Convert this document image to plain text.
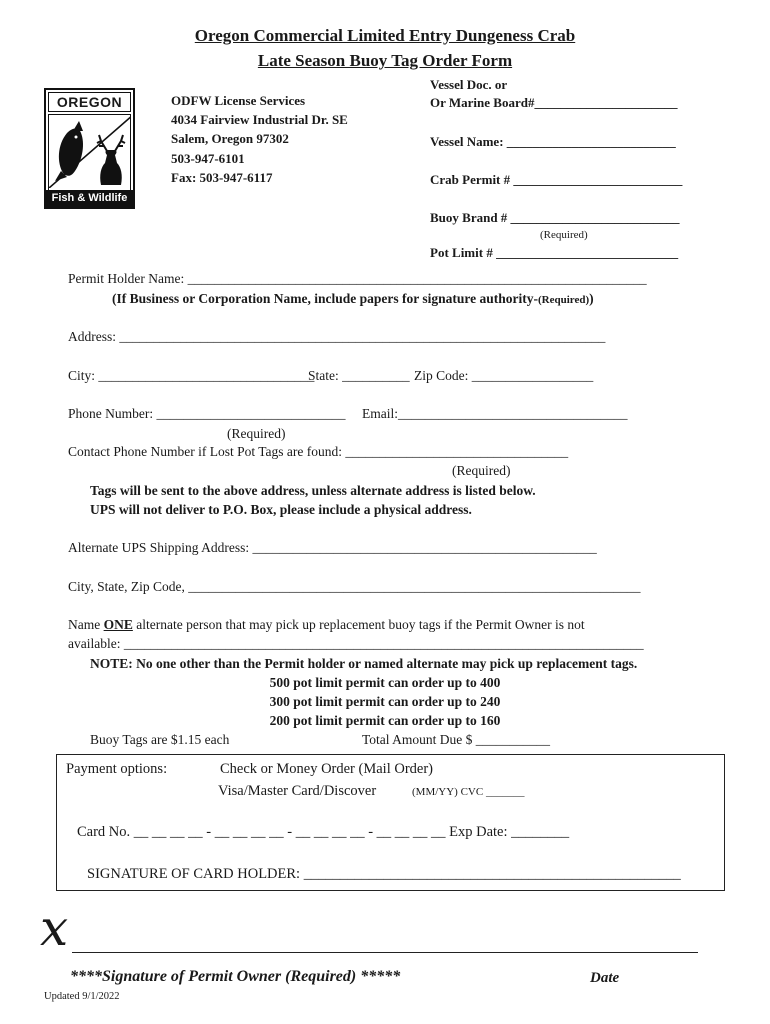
Oregon Commercial Limited Entry Dungeness Crab
Late Season Buoy Tag Order Form
OREGON
Fish & Wildlife
ODFW License Services
4034 Fairview Industrial Dr. SE
Salem, Oregon 97302
503-947-6101
Fax: 503-947-6117
Vessel Doc. or
Or Marine Board#______________________
Vessel Name: __________________________
Crab Permit # __________________________
Buoy Brand # __________________________
(Required)
Pot Limit # ____________________________
Permit Holder Name: ____________________________________________________________________
(If Business or Corporation Name, include papers for signature authority-(Required))
Address: ________________________________________________________________________
City: ________________________________
State: __________ Zip Code: __________________
Phone Number: ____________________________ Email:__________________________________
(Required)
Contact Phone Number if Lost Pot Tags are found: _________________________________
(Required)
Tags will be sent to the above address, unless alternate address is listed below.
UPS will not deliver to P.O. Box, please include a physical address.
Alternate UPS Shipping Address: ___________________________________________________
City, State, Zip Code, ___________________________________________________________________
Name ONE alternate person that may pick up replacement buoy tags if the Permit Owner is not
available: _____________________________________________________________________________
NOTE: No one other than the Permit holder or named alternate may pick up replacement tags.
500 pot limit permit can order up to 400
300 pot limit permit can order up to 240
200 pot limit permit can order up to 160
Buoy Tags are $1.15 each	Total Amount Due $ ___________
Payment options:	Check or Money Order (Mail Order)
Visa/Master Card/Discover	(MM/YY) CVC _______
Card No. __ __ __ __ - __ __ __ __ - __ __ __ __ - __ __ __ __ Exp Date: ________
SIGNATURE OF CARD HOLDER: ____________________________________________________
x
****Signature of Permit Owner (Required) *****	Date
Updated 9/1/2022
